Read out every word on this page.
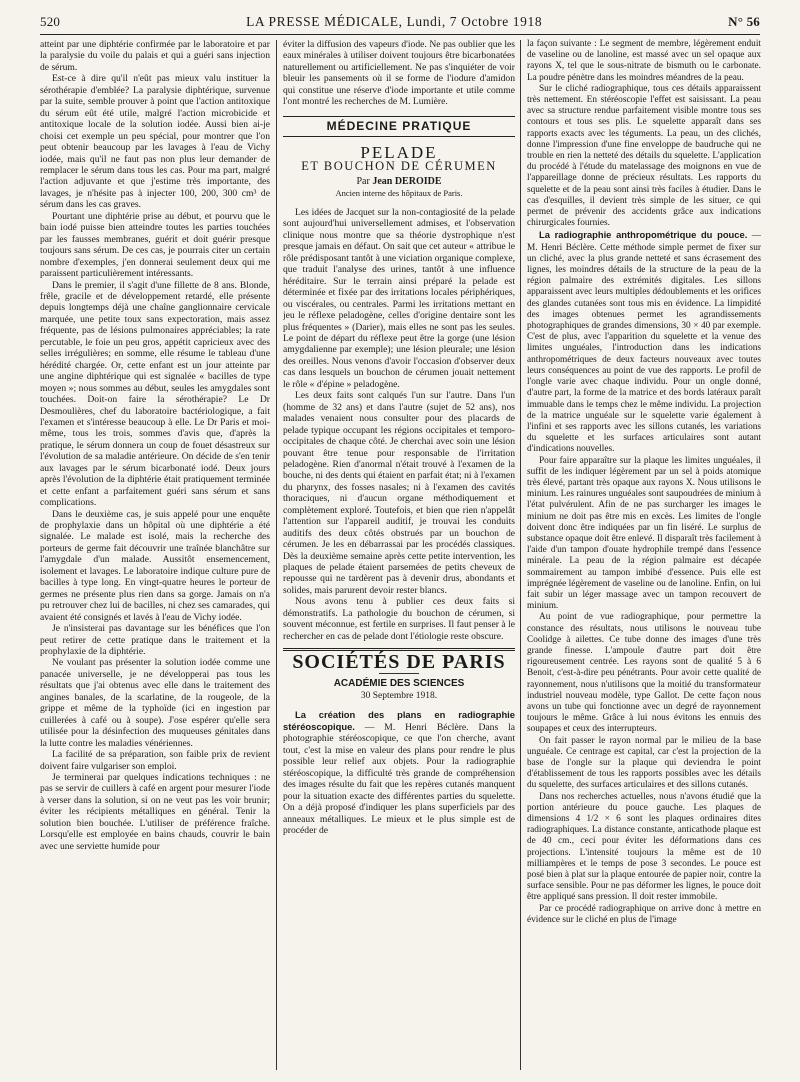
520	LA PRESSE MÉDICALE, Lundi, 7 Octobre 1918	N° 56

atteint par une diphtérie confirmée par le laboratoire et par la paralysie du voile du palais et qui a guéri sans injection de sérum.

Est-ce à dire qu'il n'eût pas mieux valu instituer la sérothérapie d'emblée? La paralysie diphtérique, survenue par la suite, semble prouver à point que l'action antitoxique du sérum eût été utile, malgré l'action microbicide et antitoxique locale de la solution iodée. Aussi bien ai-je choisi cet exemple un peu spécial, pour montrer que l'on peut obtenir beaucoup par les lavages à l'eau de Vichy iodée, mais qu'il ne faut pas non plus leur demander de remplacer le sérum dans tous les cas. Pour ma part, malgré l'action adjuvante et que j'estime très importante, des lavages, je n'hésite pas à injecter 100, 200, 300 cm³ de sérum dans les cas graves.

Pourtant une diphtérie prise au début, et pourvu que le bain iodé puisse bien atteindre toutes les parties touchées par les fausses membranes, guérit et doit guérir presque toujours sans sérum. De ces cas, je pourrais citer un certain nombre d'exemples, j'en donnerai seulement deux qui me paraissent particulièrement intéressants.

Dans le premier, il s'agit d'une fillette de 8 ans. Blonde, frêle, gracile et de développement retardé, elle présente depuis longtemps déjà une chaîne ganglionnaire cervicale marquée, une petite toux sans expectoration, mais assez fréquente, pas de lésions pulmonaires appréciables; la rate percutable, le foie un peu gros, appétit capricieux avec des selles irrégulières; en somme, elle résume le tableau d'une hérédité chargée. Or, cette enfant est un jour atteinte par une angine diphtérique qui est signalée « bacilles de type moyen »; nous sommes au début, seules les amygdales sont touchées. Doit-on faire la sérothérapie? Le Dr Desmoulières, chef du laboratoire bactériologique, a fait l'examen et s'intéresse beaucoup à elle. Le Dr Paris et moi-même, tous les trois, sommes d'avis que, d'après la pratique, le sérum donnera un coup de fouet désastreux sur l'évolution de sa maladie antérieure. On décide de s'en tenir aux lavages par le sérum bicarbonaté iodé. Deux jours après l'évolution de la diphtérie était pratiquement terminée et cette enfant a parfaitement guéri sans sérum et sans complications.

Dans le deuxième cas, je suis appelé pour une enquête de prophylaxie dans un hôpital où une diphtérie a été signalée. Le malade est isolé, mais la recherche des porteurs de germe fait découvrir une traînée blanchâtre sur l'amygdale d'un malade. Aussitôt ensemencement, isolement et lavages. Le laboratoire indique culture pure de bacilles à type long. En vingt-quatre heures le porteur de germes ne présente plus rien dans sa gorge. Jamais on n'a pu retrouver chez lui de bacilles, ni chez ses camarades, qui avaient été consignés et lavés à l'eau de Vichy iodée.

Je n'insisterai pas davantage sur les bénéfices que l'on peut retirer de cette pratique dans le traitement et la prophylaxie de la diphtérie.

Ne voulant pas présenter la solution iodée comme une panacée universelle, je ne développerai pas tous les résultats que j'ai obtenus avec elle dans le traitement des angines banales, de la scarlatine, de la rougeole, de la grippe et même de la typhoïde (ici en ingestion par cuillerées à café ou à soupe). J'ose espérer qu'elle sera utilisée pour la désinfection des muqueuses génitales dans la lutte contre les maladies vénériennes.

La facilité de sa préparation, son faible prix de revient doivent faire vulgariser son emploi.

Je terminerai par quelques indications techniques : ne pas se servir de cuillers à café en argent pour mesurer l'iode à verser dans la solution, si on ne veut pas les voir brunir; éviter les récipients métalliques en général. Tenir la solution bien bouchée. L'utiliser de préférence fraîche. Lorsqu'elle est employée en bains chauds, couvrir le bain avec une serviette humide pour

éviter la diffusion des vapeurs d'iode. Ne pas oublier que les eaux minérales à utiliser doivent toujours être bicarbonatées naturellement ou artificiellement. Ne pas s'inquiéter de voir bleuir les pansements où il se forme de l'iodure d'amidon qui constitue une réserve d'iode importante et utile comme l'ont montré les recherches de M. Lumière.

MÉDECINE PRATIQUE
PELADE
ET BOUCHON DE CÉRUMEN
Par Jean DEROIDE
Ancien interne des hôpitaux de Paris.

Les idées de Jacquet sur la non-contagiosité de la pelade sont aujourd'hui universellement admises, et l'observation clinique nous montre que sa théorie dystrophique n'est presque jamais en défaut. On sait que cet auteur « attribue le rôle prédisposant tantôt à une viciation organique complexe, que traduit l'analyse des urines, tantôt à une influence héréditaire. Sur le terrain ainsi préparé la pelade est déterminée et fixée par des irritations locales périphériques, ou viscérales, ou centrales. Parmi les irritations mettant en jeu le réflexe peladogène, celles d'origine dentaire sont les plus fréquentes » (Darier), mais elles ne sont pas les seules. Le point de départ du réflexe peut être la gorge (une lésion amygdalienne par exemple); une lésion pleurale; une lésion des oreilles. Nous venons d'avoir l'occasion d'observer deux cas dans lesquels un bouchon de cérumen jouait nettement le rôle « d'épine » peladogène.

Les deux faits sont calqués l'un sur l'autre. Dans l'un (homme de 32 ans) et dans l'autre (sujet de 52 ans), nos malades venaient nous consulter pour des placards de pelade typique occupant les régions occipitales et temporo-occipitales de chaque côté. Je cherchai avec soin une lésion pouvant être tenue pour responsable de l'irritation peladogène. Rien d'anormal n'était trouvé à l'examen de la bouche, ni des dents qui étaient en parfait état; ni à l'examen du pharynx, des fosses nasales; ni à l'examen des cavités thoraciques, ni d'aucun organe méthodiquement et complètement exploré. Toutefois, et bien que rien n'appelât l'attention sur l'appareil auditif, je trouvai les conduits auditifs des deux côtés obstrués par un bouchon de cérumen. Je les en débarrassai par les procédés classiques. Dès la deuxième semaine après cette petite intervention, les plaques de pelade étaient parsemées de petits cheveux de repousse qui ne tardèrent pas à devenir drus, abondants et solides, mais parurent devoir rester blancs.

Nous avons tenu à publier ces deux faits si démonstratifs. La pathologie du bouchon de cérumen, si souvent méconnue, est fertile en surprises. Il faut penser à le rechercher en cas de pelade dont l'étiologie reste obscure.

SOCIÉTÉS DE PARIS
ACADÉMIE DES SCIENCES
30 Septembre 1918.

La création des plans en radiographie stéréoscopique. — M. Henri Béclère. Dans la photographie stéréoscopique, ce que l'on cherche, avant tout, c'est la mise en valeur des plans pour rendre le plus possible leur relief aux objets. Pour la radiographie stéréoscopique, la difficulté très grande de compréhension des images résulte du fait que les repères cutanés manquent pour la situation exacte des différentes parties du squelette. On a déjà proposé d'indiquer les plans superficiels par des anneaux métalliques. Le mieux et le plus simple est de procéder de

la façon suivante : Le segment de membre, légèrement enduit de vaseline ou de lanoline, est massé avec un sel opaque aux rayons X, tel que le sous-nitrate de bismuth ou le carbonate. La poudre pénètre dans les moindres méandres de la peau.

Sur le cliché radiographique, tous ces détails apparaissent très nettement. En stéréoscopie l'effet est saisissant. La peau avec sa structure rendue parfaitement visible montre tous ses contours et tous ses plis. Le squelette apparaît dans ses rapports exacts avec les téguments. La peau, un des clichés, donne l'impression d'une fine enveloppe de baudruche qui ne trouble en rien la netteté des détails du squelette. L'application du procédé à l'étude du matelassage des moignons en vue de l'appareillage donne de précieux résultats. Les rapports du squelette et de la peau sont ainsi très faciles à étudier. Dans le cas d'esquilles, il devient très simple de les situer, ce qui permet de prévenir des accidents grâce aux indications chirurgicales fournies.

La radiographie anthropométrique du pouce. — M. Henri Béclère. Cette méthode simple permet de fixer sur un cliché, avec la plus grande netteté et sans écrasement des lignes, les moindres détails de la structure de la peau de la région palmaire des extrémités digitales. Les sillons apparaissent avec leurs multiples dédoublements et les orifices des glandes cutanées sont tous mis en évidence. La limpidité des images obtenues permet les agrandissements photographiques de grandes dimensions, 30 × 40 par exemple. C'est de plus, avec l'apparition du squelette et la venue des limites unguéales, l'introduction dans les indications anthropométriques de deux facteurs nouveaux avec toutes leurs conséquences au point de vue des rapports. Le profil de l'ongle varie avec chaque individu. Pour un ongle donné, d'autre part, la forme de la matrice et des bords latéraux paraît immuable dans le temps chez le même individu. La projection de la matrice unguéale sur le squelette varie également à l'infini et ses rapports avec les sillons cutanés, les variations du squelette et les surfaces articulaires sont autant d'indications nouvelles.

Pour faire apparaître sur la plaque les limites unguéales, il suffit de les indiquer légèrement par un sel à poids atomique très élevé, partant très opaque aux rayons X. Nous utilisons le minium. Les rainures unguéales sont saupoudrées de minium à l'état pulvérulent. Afin de ne pas surcharger les images le minium ne doit pas être mis en excès. Les limites de l'ongle doivent donc être indiquées par un fin liséré. Le surplus de substance opaque doit être enlevé. Il disparaît très facilement à l'aide d'un tampon d'ouate hydrophile trempé dans l'essence minérale. La peau de la région palmaire est décapée sommairement au tampon imbibé d'essence. Puis elle est imprégnée légèrement de vaseline ou de lanoline. Enfin, on lui fait subir un léger massage avec un tampon recouvert de minium.

Au point de vue radiographique, pour permettre la constance des résultats, nous utilisons le nouveau tube Coolidge à ailettes. Ce tube donne des images d'une très grande finesse. L'ampoule d'autre part doit être rigoureusement centrée. Les rayons sont de qualité 5 à 6 Benoit, c'est-à-dire peu pénétrants. Pour avoir cette qualité de rayonnement, nous n'utilisons que la moitié du transformateur industriel nouveau modèle, type Gallot. De cette façon nous avons un tube qui fonctionne avec un degré de rayonnement toujours le même. Grâce à lui nous évitons les ennuis des soupapes et ceux des interrupteurs.

On fait passer le rayon normal par le milieu de la base unguéale. Ce centrage est capital, car c'est la projection de la base de l'ongle sur la plaque qui deviendra le point d'établissement de tous les rapports possibles avec les détails du squelette, des surfaces articulaires et des sillons cutanés.

Dans nos recherches actuelles, nous n'avons étudié que la portion antérieure du pouce gauche. Les plaques de dimensions 4 1/2 × 6 sont les plaques ordinaires dites radiographiques. La distance constante, anticathode plaque est de 40 cm., ceci pour éviter les déformations dans ces projections. L'intensité toujours la même est de 10 milliampères et le temps de pose 3 secondes. Le pouce est posé bien à plat sur la plaque entourée de papier noir, contre la surface sensible. Pour ne pas déformer les lignes, le pouce doit être appliqué sans pression. Il doit rester immobile.

Par ce procédé radiographique on arrive donc à mettre en évidence sur le cliché en plus de l'image
